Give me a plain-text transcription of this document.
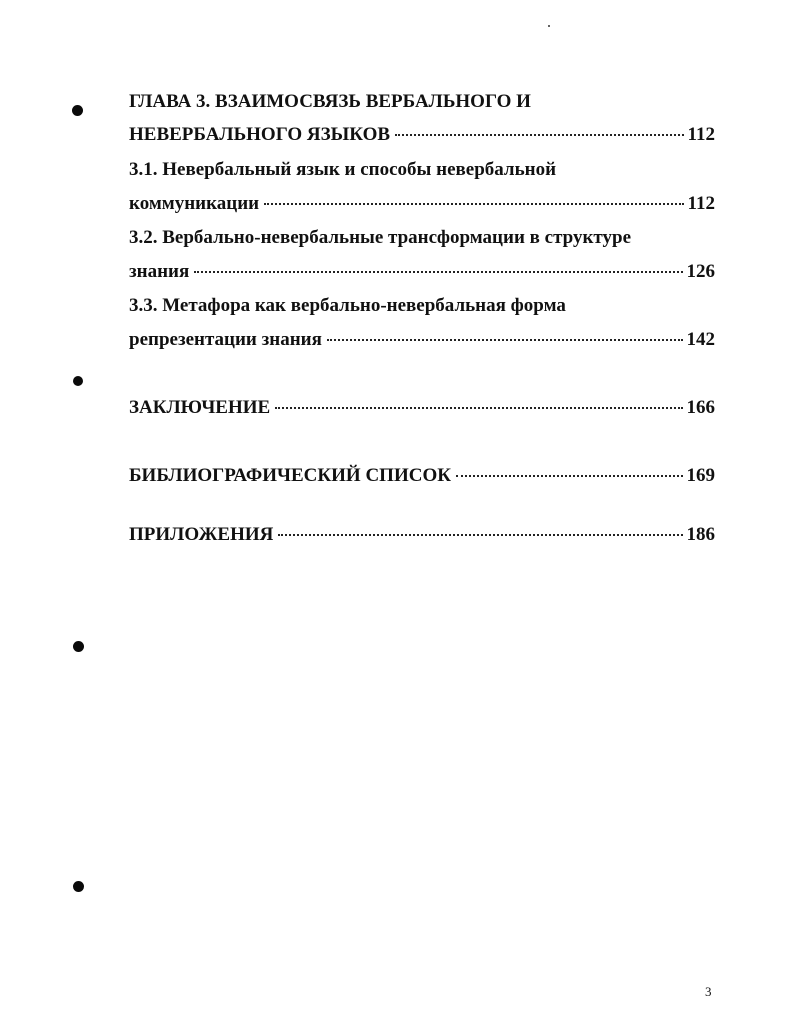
ГЛАВА 3. ВЗАИМОСВЯЗЬ ВЕРБАЛЬНОГО И
НЕВЕРБАЛЬНОГО ЯЗЫКОВ	112
3.1. Невербальный язык и способы невербальной
коммуникации	112
3.2. Вербально-невербальные трансформации в структуре
знания	126
3.3. Метафора как вербально-невербальная форма
репрезентации знания	142
ЗАКЛЮЧЕНИЕ	166
БИБЛИОГРАФИЧЕСКИЙ СПИСОК	169
ПРИЛОЖЕНИЯ	186
3
